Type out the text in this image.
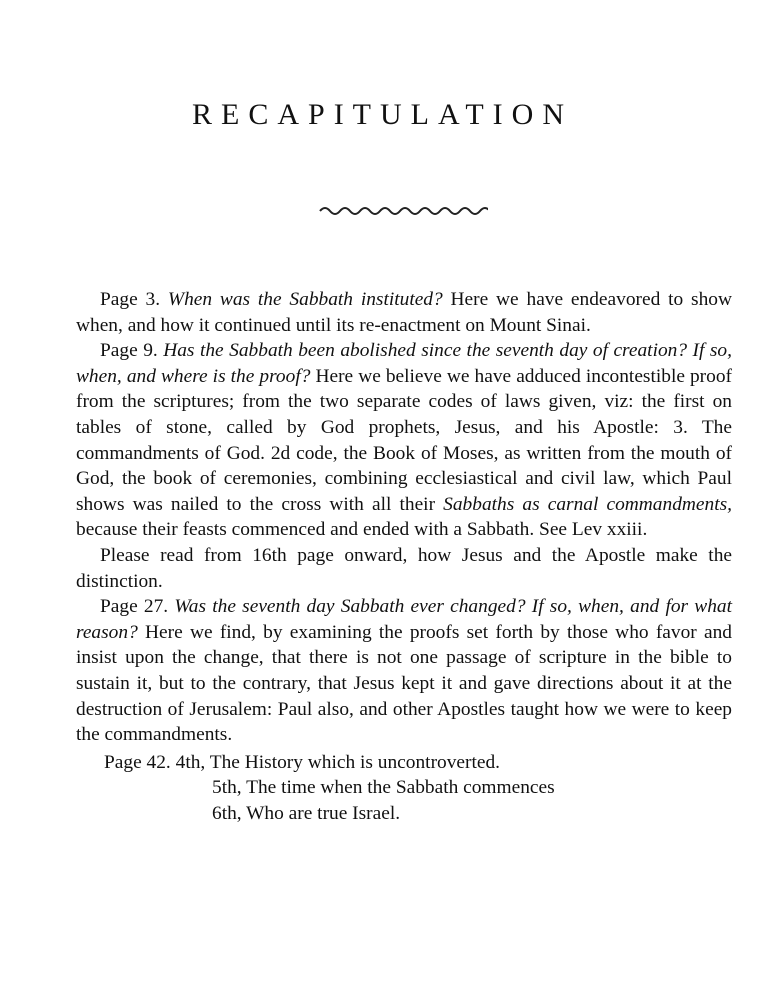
RECAPITULATION

Page 3. When was the Sabbath instituted? Here we have endeavored to show when, and how it continued until its re-enactment on Mount Sinai.

Page 9. Has the Sabbath been abolished since the seventh day of creation? If so, when, and where is the proof? Here we believe we have adduced incontestible proof from the scriptures; from the two separate codes of laws given, viz: the first on tables of stone, called by God prophets, Jesus, and his Apostle: 3. The commandments of God. 2d code, the Book of Moses, as written from the mouth of God, the book of ceremonies, combining ecclesiastical and civil law, which Paul shows was nailed to the cross with all their Sabbaths as carnal commandments, because their feasts commenced and ended with a Sabbath. See Lev xxiii.

Please read from 16th page onward, how Jesus and the Apostle make the distinction.

Page 27. Was the seventh day Sabbath ever changed? If so, when, and for what reason? Here we find, by examining the proofs set forth by those who favor and insist upon the change, that there is not one passage of scripture in the bible to sustain it, but to the contrary, that Jesus kept it and gave directions about it at the destruction of Jerusalem: Paul also, and other Apostles taught how we were to keep the commandments.

Page 42. 4th, The History which is uncontroverted.
5th, The time when the Sabbath commences
6th, Who are true Israel.
